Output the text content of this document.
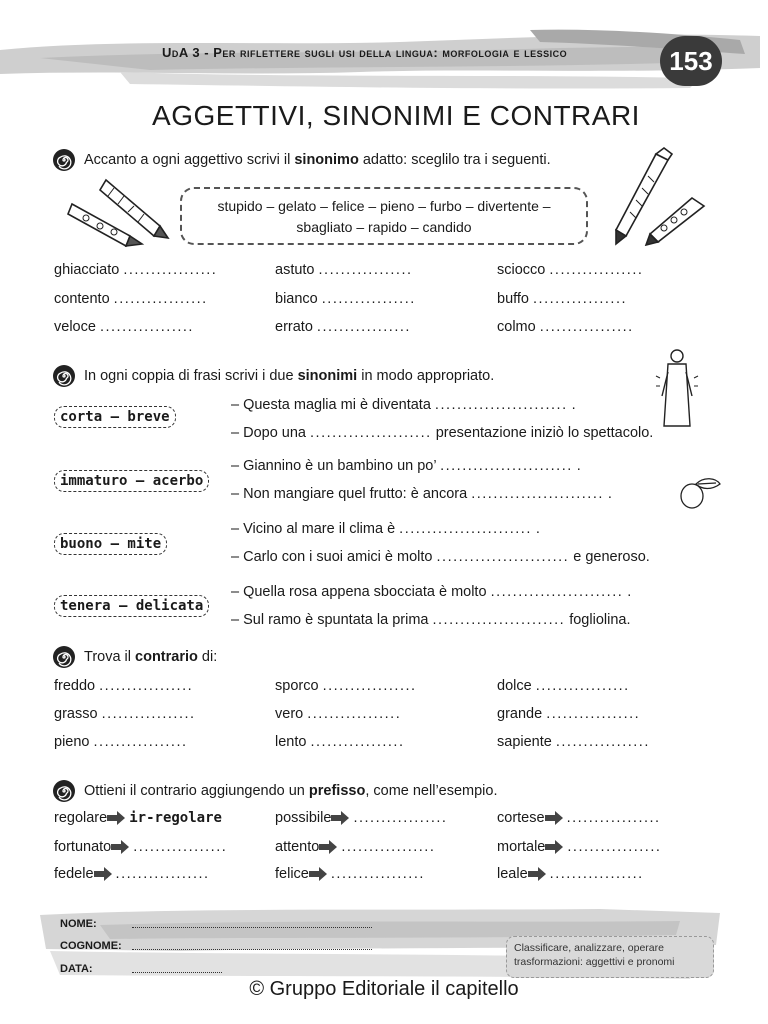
UdA 3 - Per riflettere sugli usi della lingua: morfologia e lessico	153
AGGETTIVI, SINONIMI E CONTRARI
Accanto a ogni aggettivo scrivi il sinonimo adatto: sceglilo tra i seguenti.
stupido – gelato – felice – pieno – furbo – divertente –
sbagliato – rapido – candido
ghiacciato .................	astuto .................	sciocco .................
contento .................	bianco .................	buffo .................
veloce .................	errato .................	colmo .................
In ogni coppia di frasi scrivi i due sinonimi in modo appropriato.
corta – breve
– Questa maglia mi è diventata ........................ .
– Dopo una ...................... presentazione iniziò lo spettacolo.
immaturo – acerbo
– Giannino è un bambino un po’ ........................ .
– Non mangiare quel frutto: è ancora ........................ .
buono – mite
– Vicino al mare il clima è ........................ .
– Carlo con i suoi amici è molto ........................ e generoso.
tenera – delicata
– Quella rosa appena sbocciata è molto ........................ .
– Sul ramo è spuntata la prima ........................ fogliolina.
Trova il contrario di:
freddo .................	sporco .................	dolce .................
grasso .................	vero .................	grande .................
pieno .................	lento .................	sapiente .................
Ottieni il contrario aggiungendo un prefisso, come nell’esempio.
regolare ir-regolare	possibile .................	cortese .................
fortunato .................	attento .................	mortale .................
fedele .................	felice .................	leale .................
NOME:
COGNOME:
DATA:
Classificare, analizzare, operare trasformazioni: aggettivi e pronomi
© Gruppo Editoriale il capitello
